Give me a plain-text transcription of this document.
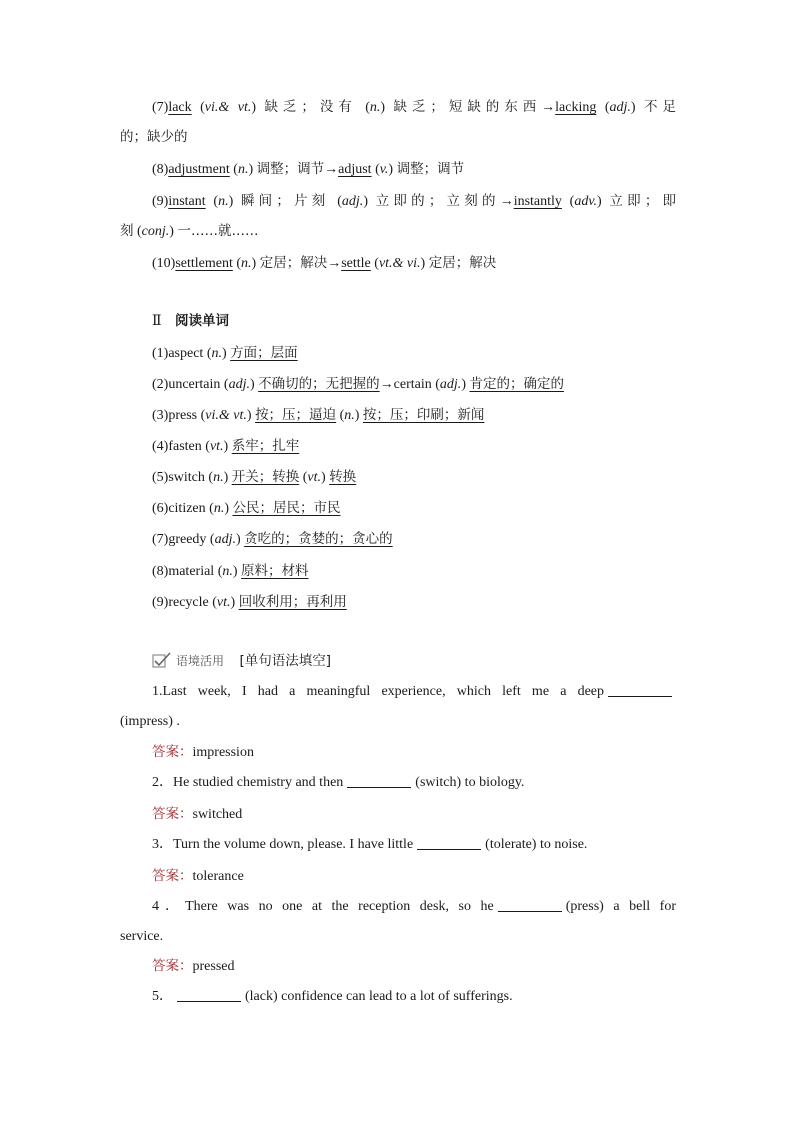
(7)lack (vi.& vt.) 缺乏；没有 (n.) 缺乏；短缺的东西→lacking (adj.) 不足
的；缺少的
(8)adjustment (n.) 调整；调节→adjust (v.) 调整；调节
(9)instant (n.) 瞬间；片刻 (adj.) 立即的；立刻的→instantly (adv.) 立即；即
刻 (conj.) 一……就……
(10)settlement (n.) 定居；解决→settle (vt.& vi.) 定居；解决
Ⅱ 阅读单词
(1)aspect (n.) 方面；层面
(2)uncertain (adj.) 不确切的；无把握的→certain (adj.) 肯定的；确定的
(3)press (vi.& vt.) 按；压；逼迫 (n.) 按；压；印刷；新闻
(4)fasten (vt.) 系牢；扎牢
(5)switch (n.) 开关；转换 (vt.) 转换
(6)citizen (n.) 公民；居民；市民
(7)greedy (adj.) 贪吃的；贪婪的；贪心的
(8)material (n.) 原料；材料
(9)recycle (vt.) 回收利用；再利用
语境活用 [单句语法填空]
1.Last week, I had a meaningful experience, which left me a deep
(impress) .
答案：impression
2．He studied chemistry and then	(switch) to biology.
答案：switched
3．Turn the volume down, please. I have little	(tolerate) to noise.
答案：tolerance
4．There was no one at the reception desk, so he	(press) a bell for
service.
答案：pressed
5．	(lack) confidence can lead to a lot of sufferings.
